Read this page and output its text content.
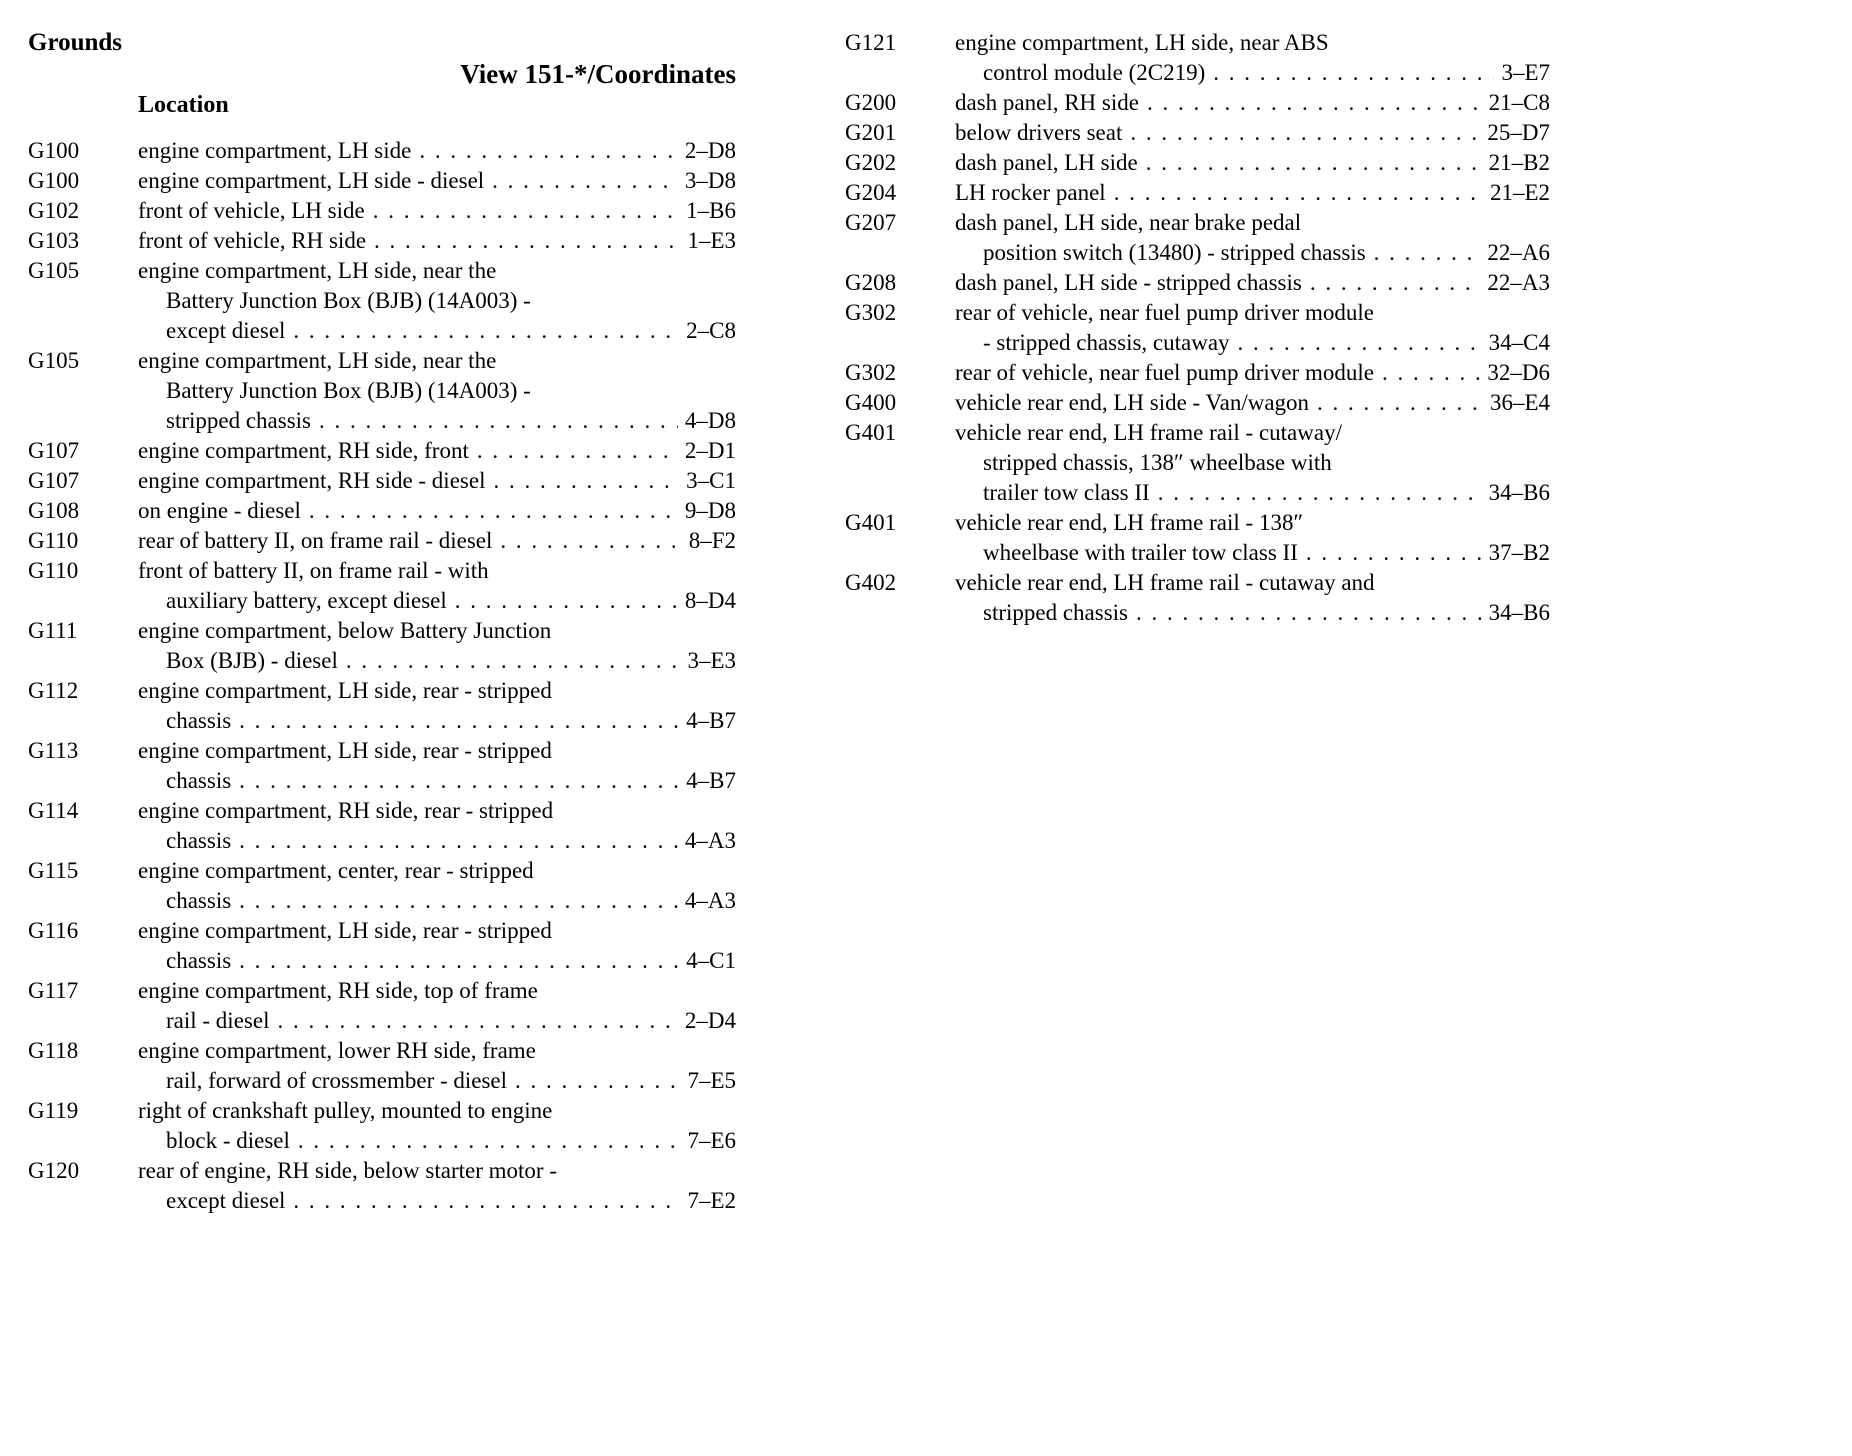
Grounds
View 151-*/Coordinates
Location
G100	engine compartment, LH side . . .	2–D8
G100	engine compartment, LH side - diesel . . .	3–D8
G102	front of vehicle, LH side . . .	1–B6
G103	front of vehicle, RH side . . .	1–E3
G105	engine compartment, LH side, near the
Battery Junction Box (BJB) (14A003) -
except diesel . . .	2–C8
G105	engine compartment, LH side, near the
Battery Junction Box (BJB) (14A003) -
stripped chassis . . .	4–D8
G107	engine compartment, RH side, front . . .	2–D1
G107	engine compartment, RH side - diesel . . .	3–C1
G108	on engine - diesel . . .	9–D8
G110	rear of battery II, on frame rail - diesel . . .	8–F2
G110	front of battery II, on frame rail - with
auxiliary battery, except diesel . . .	8–D4
G111	engine compartment, below Battery Junction
Box (BJB) - diesel . . .	3–E3
G112	engine compartment, LH side, rear - stripped
chassis . . .	4–B7
G113	engine compartment, LH side, rear - stripped
chassis . . .	4–B7
G114	engine compartment, RH side, rear - stripped
chassis . . .	4–A3
G115	engine compartment, center, rear - stripped
chassis . . .	4–A3
G116	engine compartment, LH side, rear - stripped
chassis . . .	4–C1
G117	engine compartment, RH side, top of frame
rail - diesel . . .	2–D4
G118	engine compartment, lower RH side, frame
rail, forward of crossmember - diesel . . .	7–E5
G119	right of crankshaft pulley, mounted to engine
block - diesel . . .	7–E6
G120	rear of engine, RH side, below starter motor -
except diesel . . .	7–E2
G121	engine compartment, LH side, near ABS
control module (2C219) . . .	3–E7
G200	dash panel, RH side . . .	21–C8
G201	below drivers seat . . .	25–D7
G202	dash panel, LH side . . .	21–B2
G204	LH rocker panel . . .	21–E2
G207	dash panel, LH side, near brake pedal
position switch (13480) - stripped chassis . . .	22–A6
G208	dash panel, LH side - stripped chassis . . .	22–A3
G302	rear of vehicle, near fuel pump driver module
- stripped chassis, cutaway . . .	34–C4
G302	rear of vehicle, near fuel pump driver module . . .	32–D6
G400	vehicle rear end, LH side - Van/wagon . . .	36–E4
G401	vehicle rear end, LH frame rail - cutaway/
stripped chassis, 138″ wheelbase with
trailer tow class II . . .	34–B6
G401	vehicle rear end, LH frame rail - 138″
wheelbase with trailer tow class II . . .	37–B2
G402	vehicle rear end, LH frame rail - cutaway and
stripped chassis . . .	34–B6
